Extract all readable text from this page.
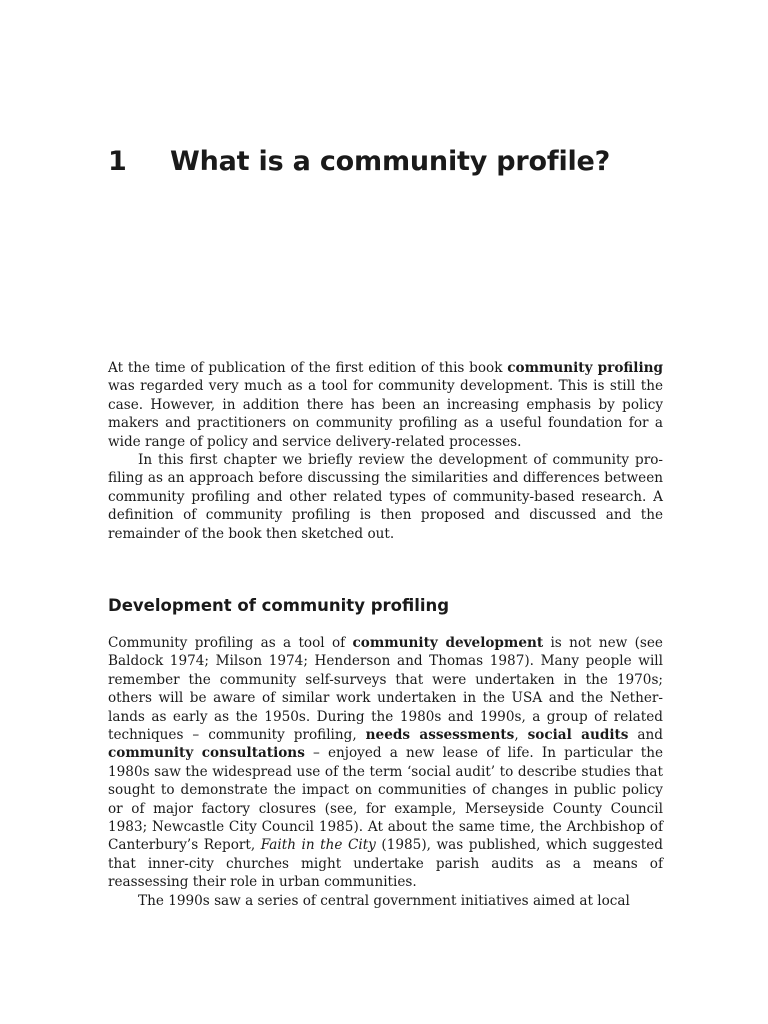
1 What is a community profile?

At the time of publication of the first edition of this book community profiling was regarded very much as a tool for community development. This is still the case. However, in addition there has been an increasing emphasis by policy makers and practitioners on community profiling as a useful foundation for a wide range of policy and service delivery-related processes.

In this first chapter we briefly review the development of community profiling as an approach before discussing the similarities and differences between community profiling and other related types of community-based research. A definition of community profiling is then proposed and discussed and the remainder of the book then sketched out.

Development of community profiling

Community profiling as a tool of community development is not new (see Baldock 1974; Milson 1974; Henderson and Thomas 1987). Many people will remember the community self-surveys that were undertaken in the 1970s; others will be aware of similar work undertaken in the USA and the Netherlands as early as the 1950s. During the 1980s and 1990s, a group of related techniques – community profiling, needs assessments, social audits and community consultations – enjoyed a new lease of life. In particular the 1980s saw the widespread use of the term ‘social audit’ to describe studies that sought to demonstrate the impact on communities of changes in public policy or of major factory closures (see, for example, Merseyside County Council 1983; Newcastle City Council 1985). At about the same time, the Archbishop of Canterbury’s Report, Faith in the City (1985), was published, which suggested that inner-city churches might undertake parish audits as a means of reassessing their role in urban communities.

The 1990s saw a series of central government initiatives aimed at local
